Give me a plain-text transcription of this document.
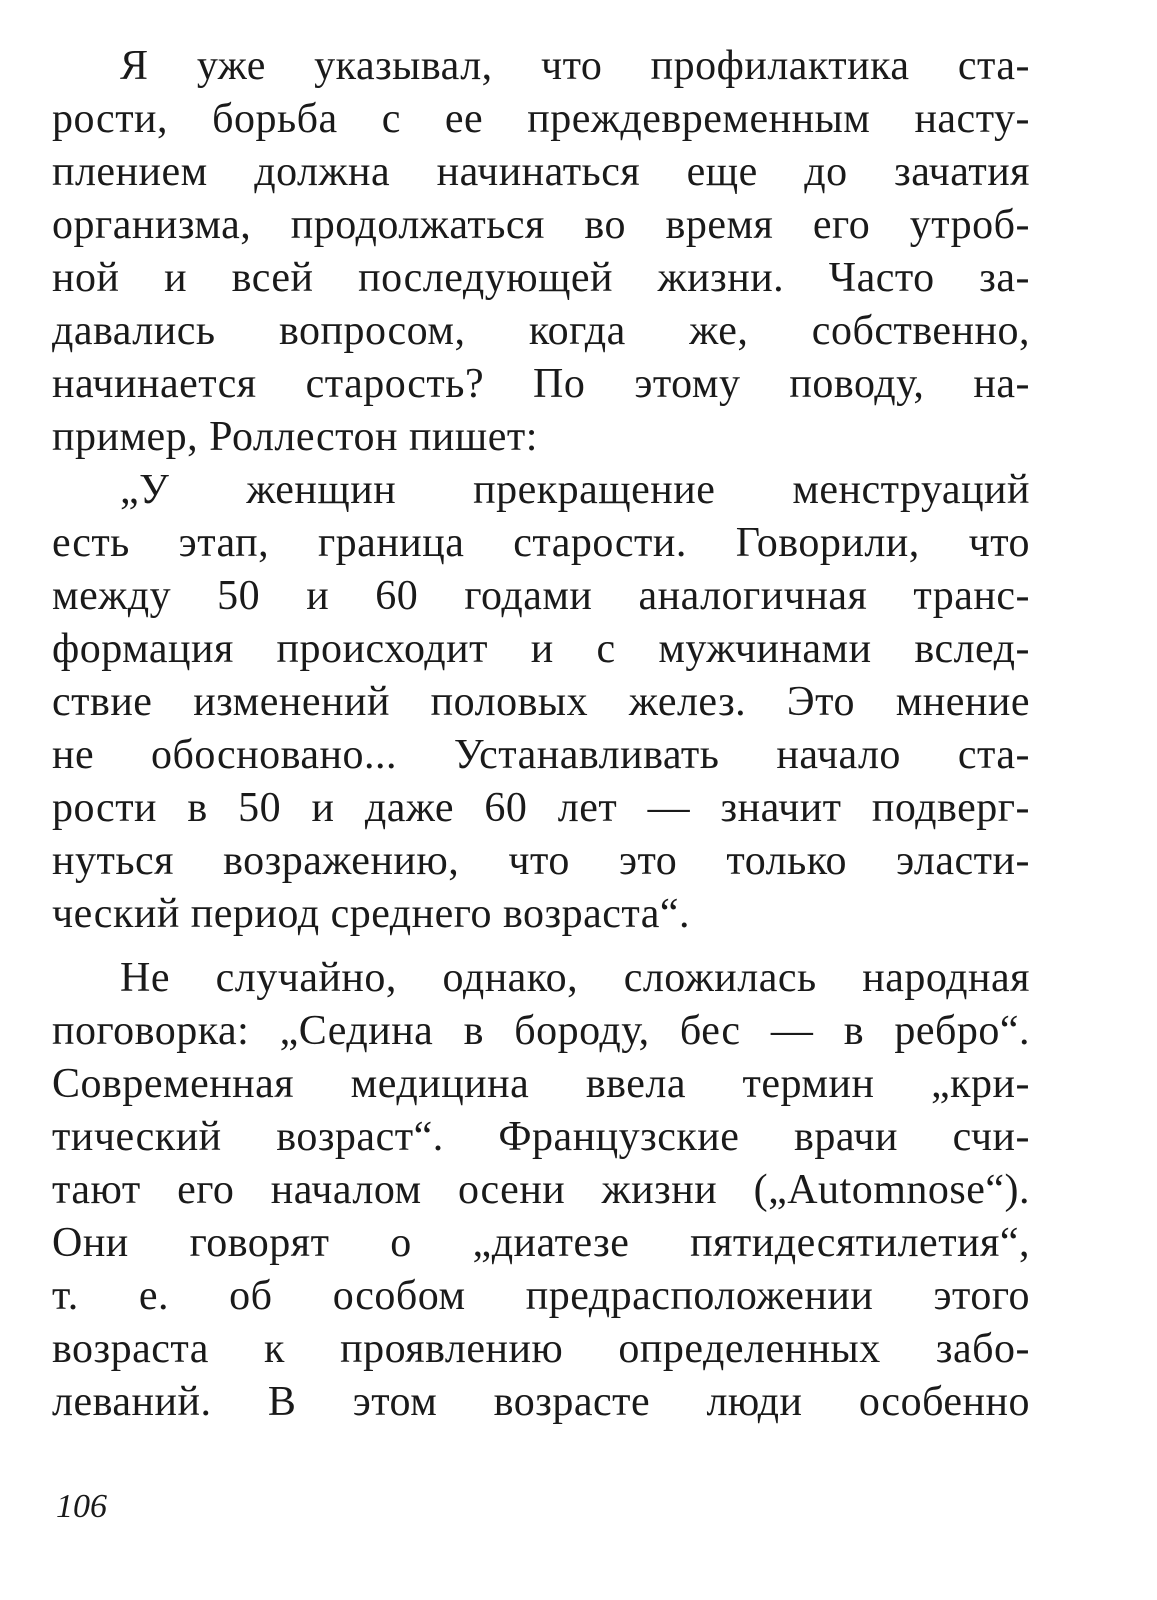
Я уже указывал, что профилактика ста-
рости, борьба с ее преждевременным насту-
плением должна начинаться еще до зачатия
организма, продолжаться во время его утроб-
ной и всей последующей жизни. Часто за-
давались вопросом, когда же, собственно,
начинается старость? По этому поводу, на-
пример, Роллестон пишет:
„У женщин прекращение менструаций
есть этап, граница старости. Говорили, что
между 50 и 60 годами аналогичная транс-
формация происходит и с мужчинами вслед-
ствие изменений половых желез. Это мнение
не обосновано... Устанавливать начало ста-
рости в 50 и даже 60 лет — значит подверг-
нуться возражению, что это только эласти-
ческий период среднего возраста“.
Не случайно, однако, сложилась народная
поговорка: „Седина в бороду, бес — в ребро“.
Современная медицина ввела термин „кри-
тический возраст“. Французские врачи счи-
тают его началом осени жизни („Automnose“).
Они говорят о „диатезе пятидесятилетия“,
т. е. об особом предрасположении этого
возраста к проявлению определенных забо-
леваний. В этом возрасте люди особенно
106
